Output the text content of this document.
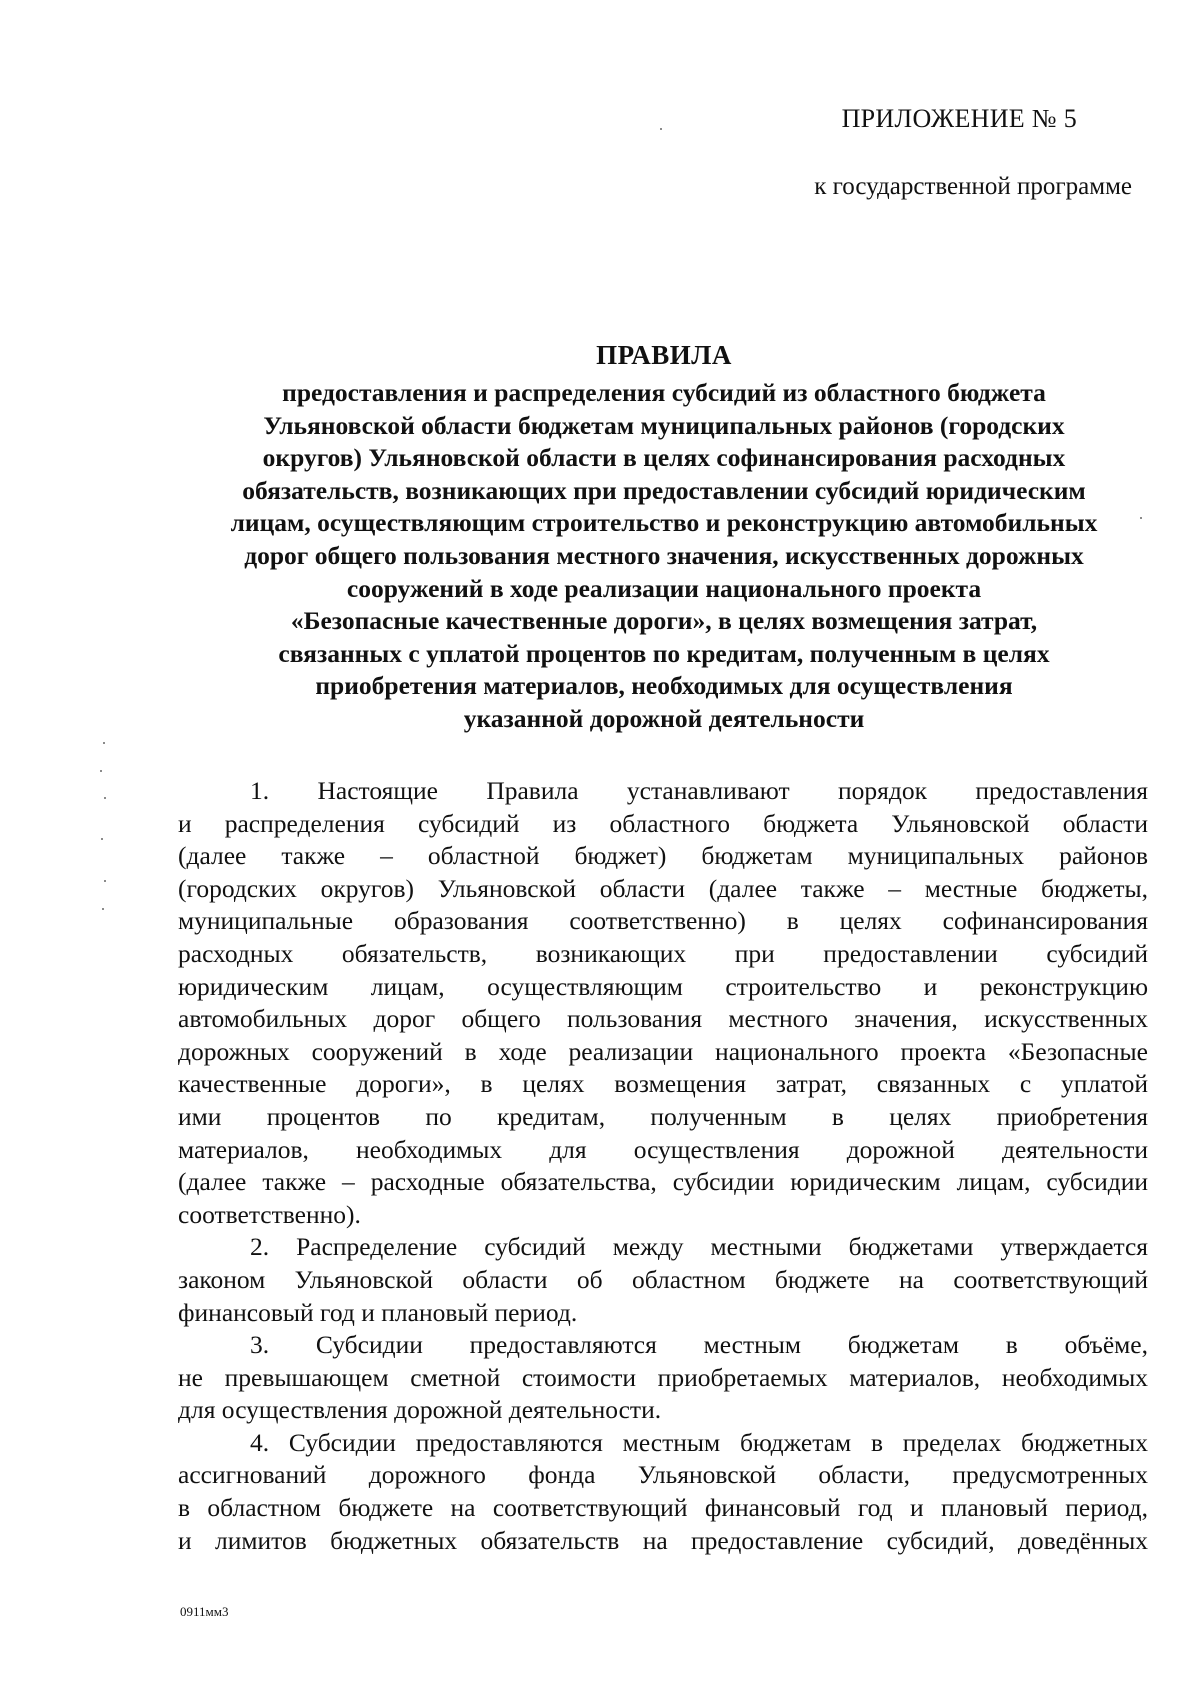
ПРИЛОЖЕНИЕ № 5
к государственной программе
ПРАВИЛА
предоставления и распределения субсидий из областного бюджета
Ульяновской области бюджетам муниципальных районов (городских
округов) Ульяновской области в целях софинансирования расходных
обязательств, возникающих при предоставлении субсидий юридическим
лицам, осуществляющим строительство и реконструкцию автомобильных
дорог общего пользования местного значения, искусственных дорожных
сооружений в ходе реализации национального проекта
«Безопасные качественные дороги», в целях возмещения затрат,
связанных с уплатой процентов по кредитам, полученным в целях
приобретения материалов, необходимых для осуществления
указанной дорожной деятельности
1. Настоящие Правила устанавливают порядок предоставления
и распределения субсидий из областного бюджета Ульяновской области
(далее также – областной бюджет) бюджетам муниципальных районов
(городских округов) Ульяновской области (далее также – местные бюджеты,
муниципальные образования соответственно) в целях софинансирования
расходных обязательств, возникающих при предоставлении субсидий
юридическим лицам, осуществляющим строительство и реконструкцию
автомобильных дорог общего пользования местного значения, искусственных
дорожных сооружений в ходе реализации национального проекта «Безопасные
качественные дороги», в целях возмещения затрат, связанных с уплатой
ими процентов по кредитам, полученным в целях приобретения
материалов, необходимых для осуществления дорожной деятельности
(далее также – расходные обязательства, субсидии юридическим лицам, субсидии
соответственно).
2. Распределение субсидий между местными бюджетами утверждается
законом Ульяновской области об областном бюджете на соответствующий
финансовый год и плановый период.
3. Субсидии предоставляются местным бюджетам в объёме,
не превышающем сметной стоимости приобретаемых материалов, необходимых
для осуществления дорожной деятельности.
4. Субсидии предоставляются местным бюджетам в пределах бюджетных
ассигнований дорожного фонда Ульяновской области, предусмотренных
в областном бюджете на соответствующий финансовый год и плановый период,
и лимитов бюджетных обязательств на предоставление субсидий, доведённых
0911мм3
